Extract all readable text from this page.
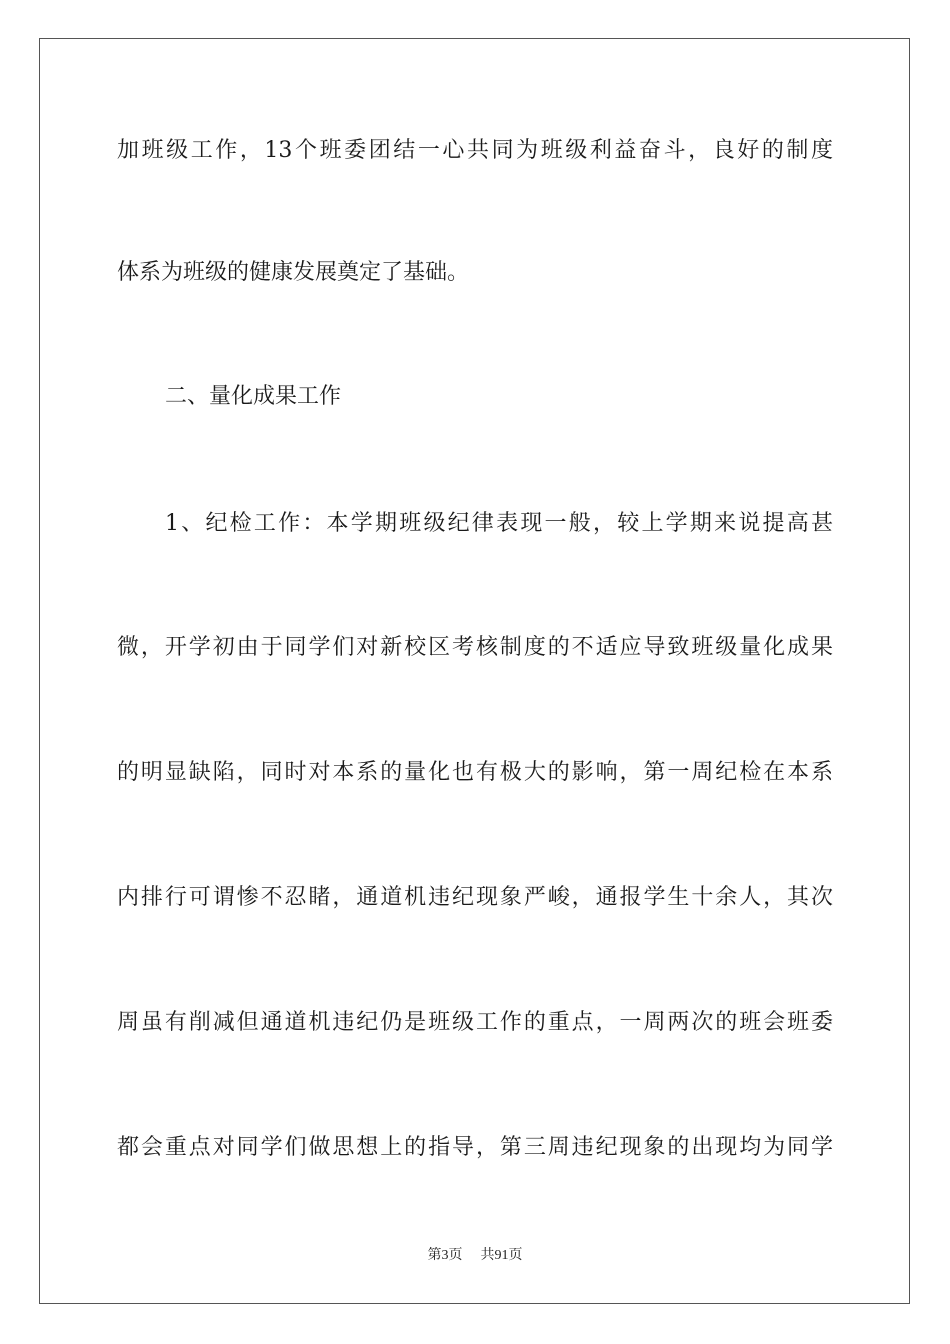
加班级工作，13个班委团结一心共同为班级利益奋斗，良好的制度
体系为班级的健康发展奠定了基础。
二、量化成果工作
1、纪检工作：本学期班级纪律表现一般，较上学期来说提高甚
微，开学初由于同学们对新校区考核制度的不适应导致班级量化成果
的明显缺陷，同时对本系的量化也有极大的影响，第一周纪检在本系
内排行可谓惨不忍睹，通道机违纪现象严峻，通报学生十余人，其次
周虽有削减但通道机违纪仍是班级工作的重点，一周两次的班会班委
都会重点对同学们做思想上的指导，第三周违纪现象的出现均为同学
第3页 共91页
